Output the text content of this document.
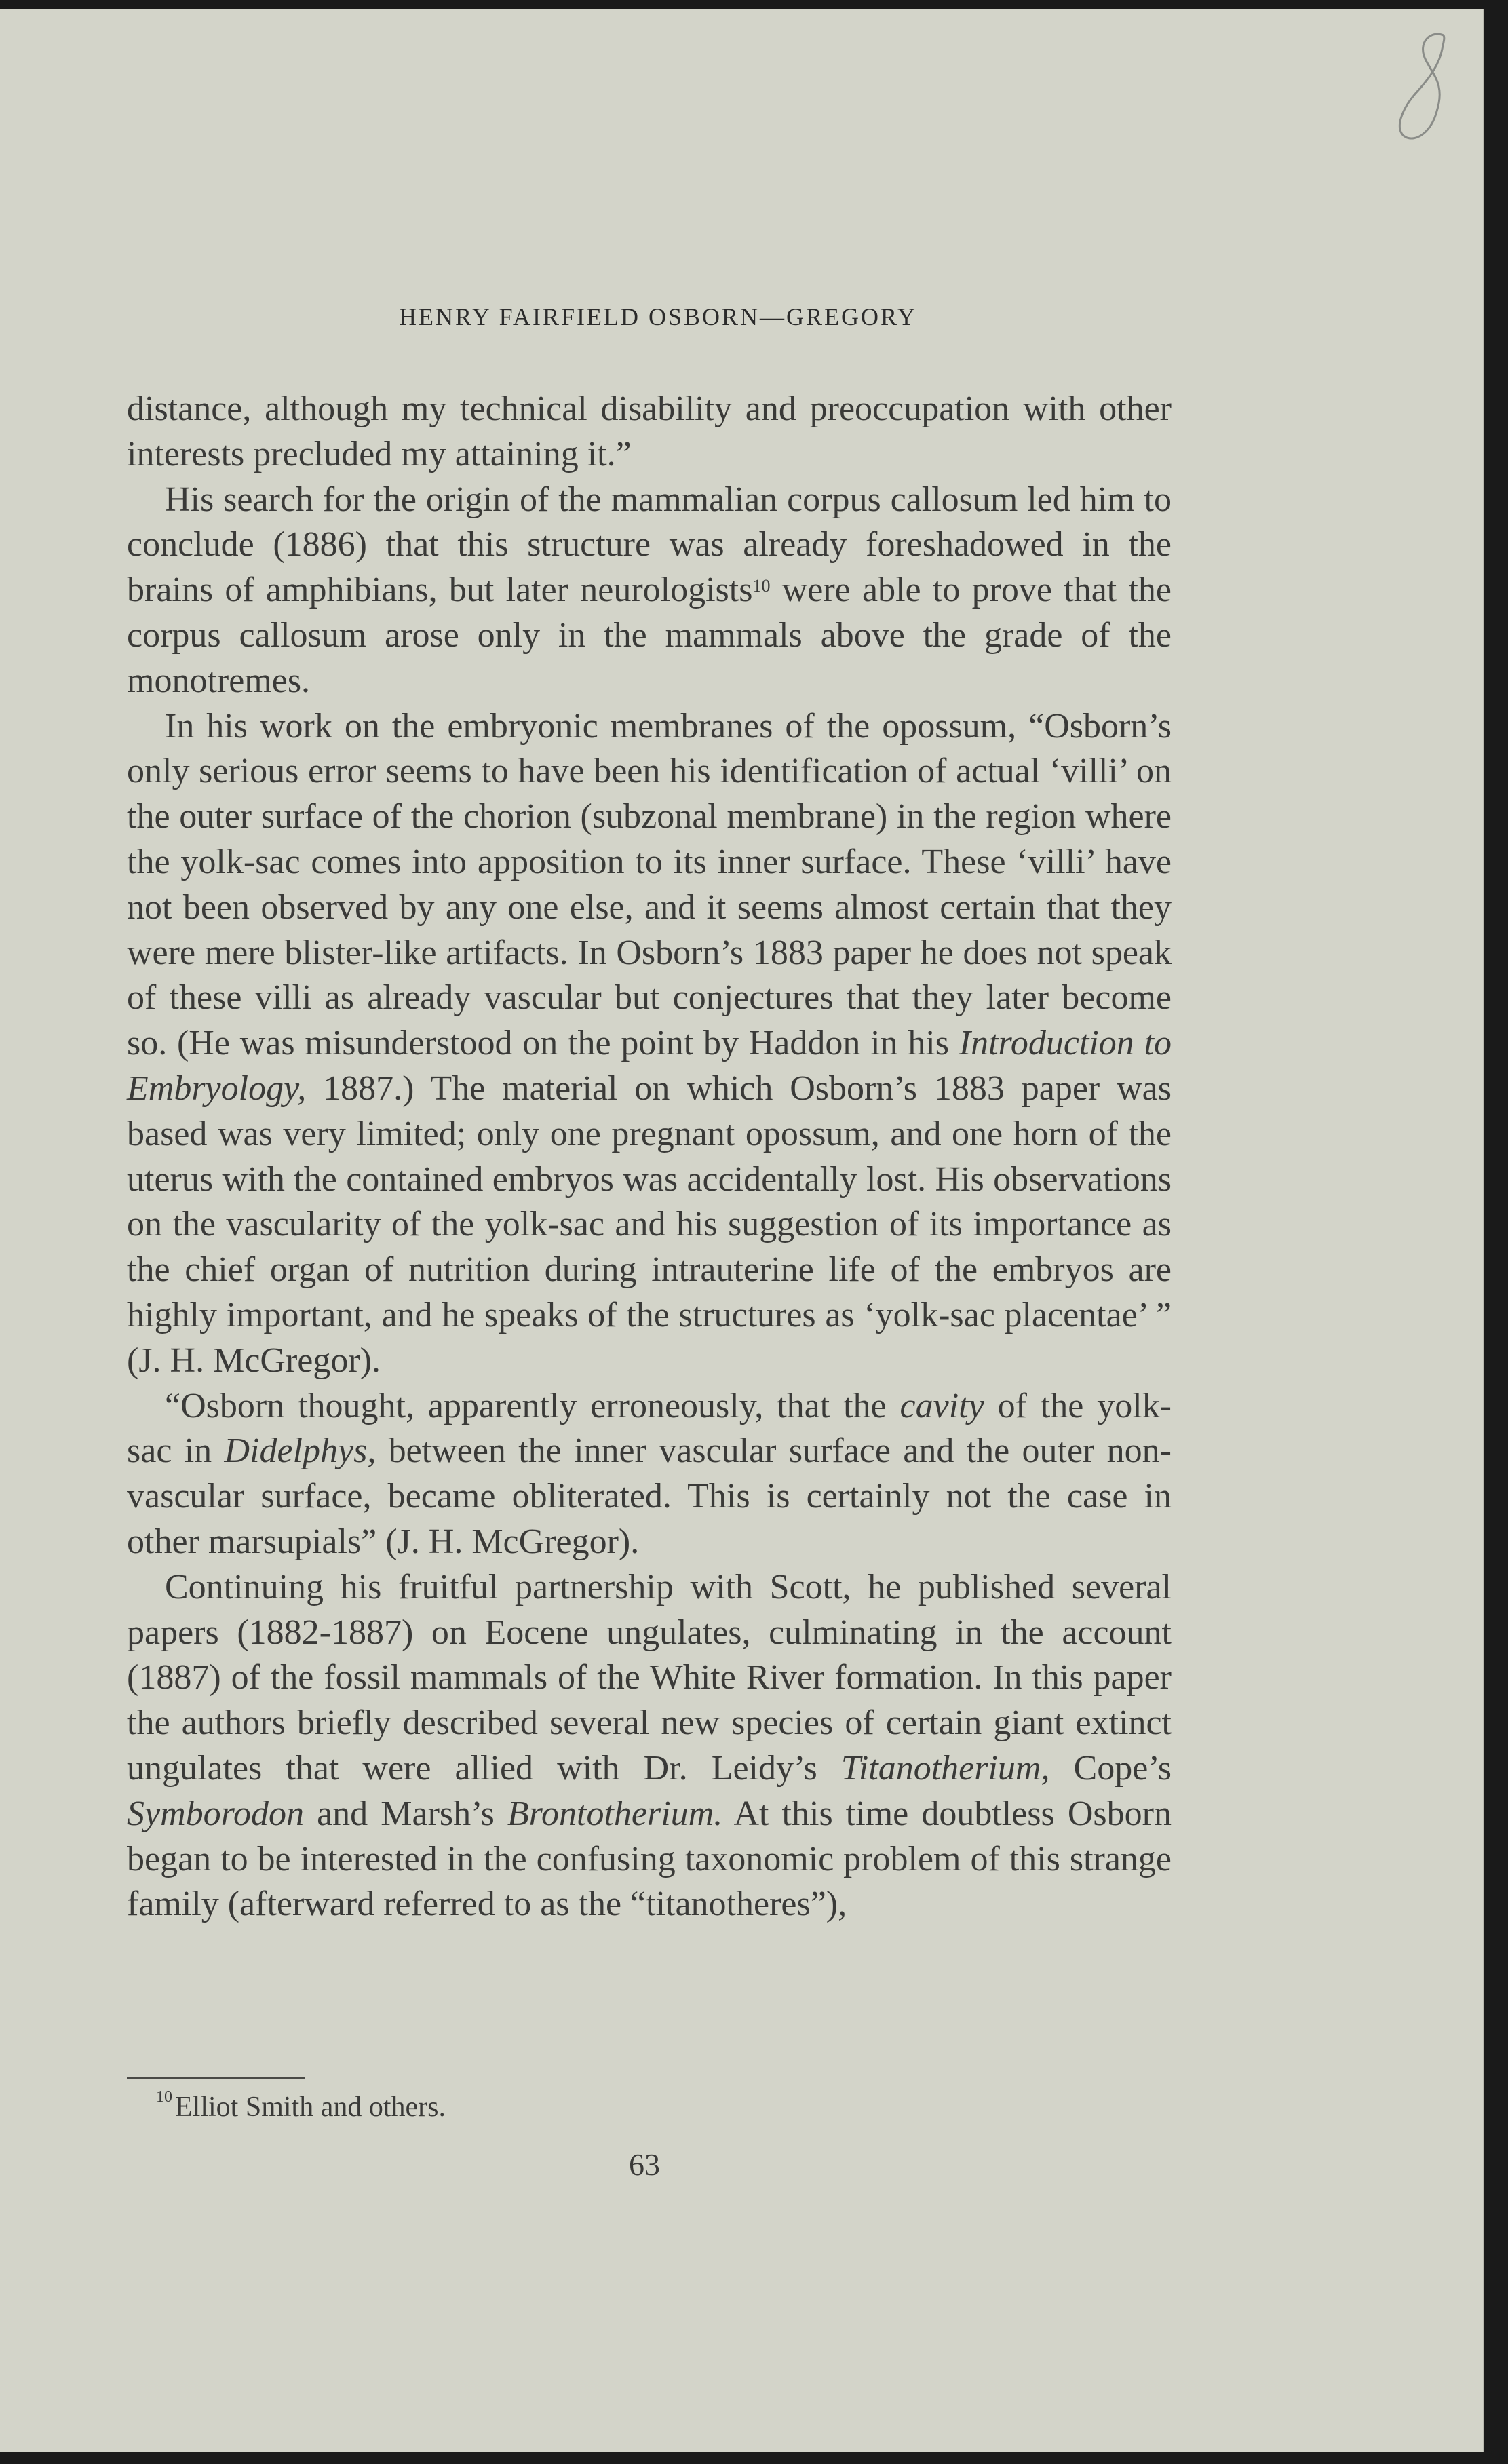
HENRY FAIRFIELD OSBORN—GREGORY

distance, although my technical disability and preoccupation with other interests precluded my attaining it.”

His search for the origin of the mammalian corpus callosum led him to conclude (1886) that this structure was already foreshadowed in the brains of amphibians, but later neurologists$^{10}$ were able to prove that the corpus callosum arose only in the mammals above the grade of the monotremes.

In his work on the embryonic membranes of the opossum, “Osborn’s only serious error seems to have been his identification of actual ‘villi’ on the outer surface of the chorion (subzonal membrane) in the region where the yolk-sac comes into apposition to its inner surface. These ‘villi’ have not been observed by any one else, and it seems almost certain that they were mere blister-like artifacts. In Osborn’s 1883 paper he does not speak of these villi as already vascular but conjectures that they later become so. (He was misunderstood on the point by Haddon in his Introduction to Embryology, 1887.) The material on which Osborn’s 1883 paper was based was very limited; only one pregnant opossum, and one horn of the uterus with the contained embryos was accidentally lost. His observations on the vascularity of the yolk-sac and his suggestion of its importance as the chief organ of nutrition during intrauterine life of the embryos are highly important, and he speaks of the structures as ‘yolk-sac placentae’ ” (J. H. McGregor).

“Osborn thought, apparently erroneously, that the cavity of the yolk-sac in Didelphys, between the inner vascular surface and the outer non-vascular surface, became obliterated. This is certainly not the case in other marsupials” (J. H. McGregor).

Continuing his fruitful partnership with Scott, he published several papers (1882-1887) on Eocene ungulates, culminating in the account (1887) of the fossil mammals of the White River formation. In this paper the authors briefly described several new species of certain giant extinct ungulates that were allied with Dr. Leidy’s Titanotherium, Cope’s Symborodon and Marsh’s Brontotherium. At this time doubtless Osborn began to be interested in the confusing taxonomic problem of this strange family (afterward referred to as the “titanotheres”),

$^{10}$Elliot Smith and others.
63
